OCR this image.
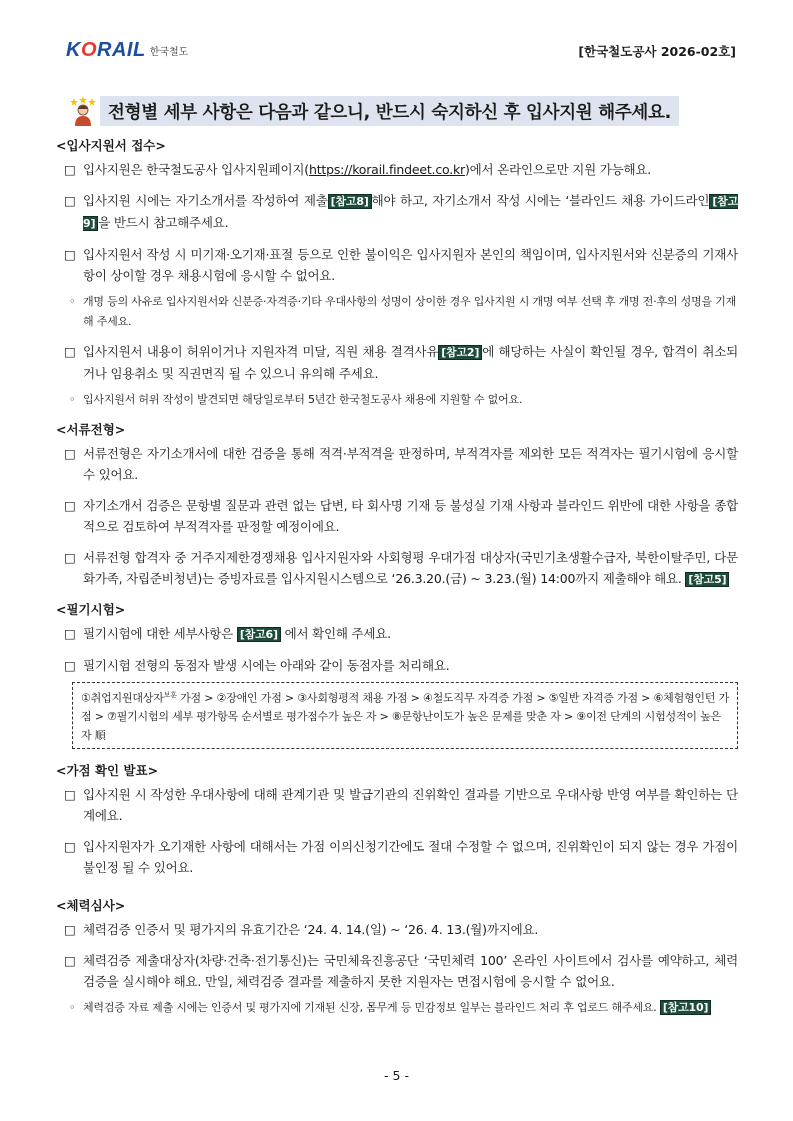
KORAIL 한국철도	[한국철도공사 2026-02호]
전형별 세부 사항은 다음과 같으니, 반드시 숙지하신 후 입사지원 해주세요.
<입사지원서 접수>
□ 입사지원은 한국철도공사 입사지원페이지(https://korail.findeet.co.kr)에서 온라인으로만 지원 가능해요.
□ 입사지원 시에는 자기소개서를 작성하여 제출 [참고8] 해야 하고, 자기소개서 작성 시에는 ‘블라인드 채용 가이드라인 [참고9] 을 반드시 참고해주세요.
□ 입사지원서 작성 시 미기재·오기재·표절 등으로 인한 불이익은 입사지원자 본인의 책임이며, 입사지원서와 신분증의 기재사항이 상이할 경우 채용시험에 응시할 수 없어요.
◦ 개명 등의 사유로 입사지원서와 신분증·자격증·기타 우대사항의 성명이 상이한 경우 입사지원 시 개명 여부 선택 후 개명 전·후의 성명을 기재해 주세요.
□ 입사지원서 내용이 허위이거나 지원자격 미달, 직원 채용 결격사유 [참고2] 에 해당하는 사실이 확인될 경우, 합격이 취소되거나 임용취소 및 직권면직 될 수 있으니 유의해 주세요.
◦ 입사지원서 허위 작성이 발견되면 해당일로부터 5년간 한국철도공사 채용에 지원할 수 없어요.
<서류전형>
□ 서류전형은 자기소개서에 대한 검증을 통해 적격·부적격을 판정하며, 부적격자를 제외한 모든 적격자는 필기시험에 응시할 수 있어요.
□ 자기소개서 검증은 문항별 질문과 관련 없는 답변, 타 회사명 기재 등 불성실 기재 사항과 블라인드 위반에 대한 사항을 종합적으로 검토하여 부적격자를 판정할 예정이에요.
□ 서류전형 합격자 중 거주지제한경쟁채용 입사지원자와 사회형평 우대가점 대상자(국민기초생활수급자, 북한이탈주민, 다문화가족, 자립준비청년)는 증빙자료를 입사지원시스템으로 ‘26.3.20.(금) ~ 3.23.(월) 14:00까지 제출해야 해요. [참고5]
<필기시험>
□ 필기시험에 대한 세부사항은 [참고6] 에서 확인해 주세요.
□ 필기시험 전형의 동점자 발생 시에는 아래와 같이 동점자를 처리해요.
①취업지원대상자$^{보훈}$ 가점 > ②장애인 가점 > ③사회형평적 채용 가점 > ④철도직무 자격증 가점 > ⑤일반 자격증 가점 > ⑥체험형인턴 가점 > ⑦필기시험의 세부 평가항목 순서별로 평가점수가 높은 자 > ⑧문항난이도가 높은 문제를 맞춘 자 > ⑨이전 단계의 시험성적이 높은 자 順
<가점 확인 발표>
□ 입사지원 시 작성한 우대사항에 대해 관계기관 및 발급기관의 진위확인 결과를 기반으로 우대사항 반영 여부를 확인하는 단계에요.
□ 입사지원자가 오기재한 사항에 대해서는 가점 이의신청기간에도 절대 수정할 수 없으며, 진위확인이 되지 않는 경우 가점이 불인정 될 수 있어요.
<체력심사>
□ 체력검증 인증서 및 평가지의 유효기간은 ‘24. 4. 14.(일) ~ ‘26. 4. 13.(월)까지에요.
□ 체력검증 제출대상자(차량·건축·전기통신)는 국민체육진흥공단 ‘국민체력 100’ 온라인 사이트에서 검사를 예약하고, 체력검증을 실시해야 해요. 만일, 체력검증 결과를 제출하지 못한 지원자는 면접시험에 응시할 수 없어요.
◦ 체력검증 자료 제출 시에는 인증서 및 평가지에 기재된 신장, 몸무게 등 민감정보 일부는 블라인드 처리 후 업로드 해주세요. [참고10]
- 5 -
